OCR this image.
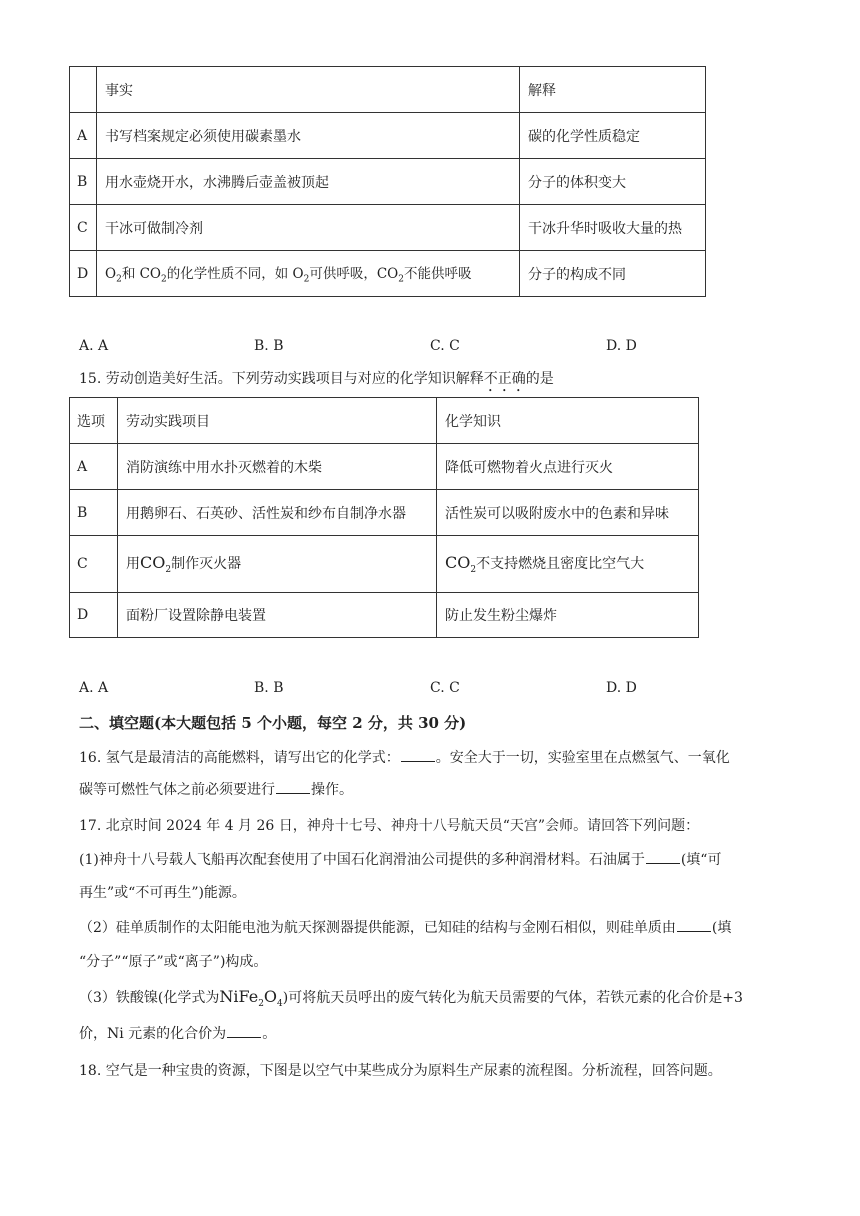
	事实	解释
A	书写档案规定必须使用碳素墨水	碳的化学性质稳定
B	用水壶烧开水，水沸腾后壶盖被顶起	分子的体积变大
C	干冰可做制冷剂	干冰升华时吸收大量的热
D	$O_2$和 $CO_2$的化学性质不同，如 $O_2$可供呼吸，$CO_2$不能供呼吸	分子的构成不同
A. A	B. B	C. C	D. D
15. 劳动创造美好生活。下列劳动实践项目与对应的化学知识解释不正确的是
选项	劳动实践项目	化学知识
A	消防演练中用水扑灭燃着的木柴	降低可燃物着火点进行灭火
B	用鹅卵石、石英砂、活性炭和纱布自制净水器	活性炭可以吸附废水中的色素和异味
C	用$CO_2$制作灭火器	$CO_2$不支持燃烧且密度比空气大
D	面粉厂设置除静电装置	防止发生粉尘爆炸
A. A	B. B	C. C	D. D
二、填空题(本大题包括 5 个小题，每空 2 分，共 30 分)
16. 氢气是最清洁的高能燃料，请写出它的化学式：	。安全大于一切，实验室里在点燃氢气、一氧化
碳等可燃性气体之前必须要进行	操作。
17. 北京时间 2024 年 4 月 26 日，神舟十七号、神舟十八号航天员“天宫”会师。请回答下列问题：
(1)神舟十八号载人飞船再次配套使用了中国石化润滑油公司提供的多种润滑材料。石油属于	(填“可
再生”或“不可再生”)能源。
（2）硅单质制作的太阳能电池为航天探测器提供能源，已知硅的结构与金刚石相似，则硅单质由	(填
“分子”“原子”或“离子”)构成。
（3）铁酸镍(化学式为$NiFe_2O_4$)可将航天员呼出的废气转化为航天员需要的气体，若铁元素的化合价是+3
价，Ni 元素的化合价为	。
18. 空气是一种宝贵的资源，下图是以空气中某些成分为原料生产尿素的流程图。分析流程，回答问题。
